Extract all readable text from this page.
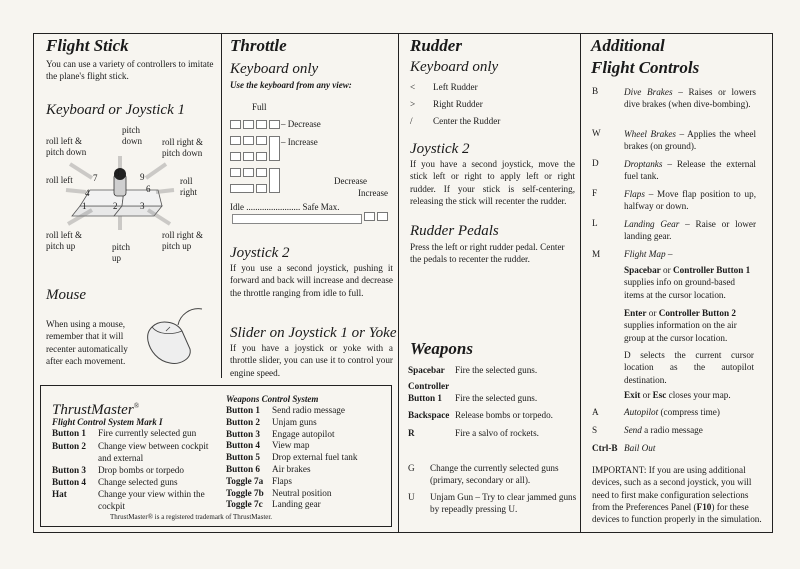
Flight Stick
You can use a variety of controllers to imitate the plane's flight stick.
Keyboard or Joystick 1
pitch down
roll left & pitch down
roll right & pitch down
roll left	roll right
roll left & pitch up	pitch up
roll right & pitch up
7 8 9
4	6
1	2	3
Mouse
When using a mouse, remember that it will recenter automatically after each movement.
Throttle
Keyboard only
Use the keyboard from any view:
Full
– Decrease
– Increase
Decrease
Increase
Idle ........................ Safe Max.
Joystick 2
If you use a second joystick, pushing it forward and back will increase and decrease the throttle ranging from idle to full.
Slider on Joystick 1 or Yoke
If you have a joystick or yoke with a throttle slider, you can use it to control your engine speed.
ThrustMaster®
Flight Control System Mark I
Button 1 Fire currently selected gun
Button 2 Change view between cockpit and external
Button 3 Drop bombs or torpedo
Button 4 Change selected guns
Hat	Change your view within the cockpit
Weapons Control System
Button 1 Send radio message
Button 2 Unjam guns
Button 3 Engage autopilot
Button 4 View map
Button 5 Drop external fuel tank
Button 6 Air brakes
Toggle 7a Flaps
Toggle 7b Neutral position
Toggle 7c Landing gear
ThrustMaster® is a registered trademark of ThrustMaster.
Rudder
Keyboard only
< Left Rudder
> Right Rudder
/ Center the Rudder
Joystick 2
If you have a second joystick, move the stick left or right to apply left or right rudder. If your stick is self-centering, releasing the stick will recenter the rudder.
Rudder Pedals
Press the left or right rudder pedal. Center the pedals to recenter the rudder.
Weapons
Spacebar Fire the selected guns.
Controller Button 1	Fire the selected guns.
Backspace Release bombs or torpedo.
R	Fire a salvo of rockets.
G Change the currently selected guns (primary, secondary or all).
U Unjam Gun – Try to clear jammed guns by repeadly pressing U.
Additional
Flight Controls
B	Dive Brakes – Raises or lowers dive brakes (when dive-bombing).
W	Wheel Brakes – Applies the wheel brakes (on ground).
D	Droptanks – Release the external fuel tank.
F	Flaps – Move flap position to up, halfway or down.
L	Landing Gear – Raise or lower landing gear.
M	Flight Map –
Spacebar or Controller Button 1 supplies info on ground-based items at the cursor location.
Enter or Controller Button 2 supplies information on the air group at the cursor location.
D selects the current cursor location as the autopilot destination.
Exit or Esc closes your map.
A	Autopilot (compress time)
S	Send a radio message
Ctrl-B Bail Out
IMPORTANT: If you are using additional devices, such as a second joystick, you will need to first make configuration selections from the Preferences Panel (F10) for these devices to function properly in the simulation.
